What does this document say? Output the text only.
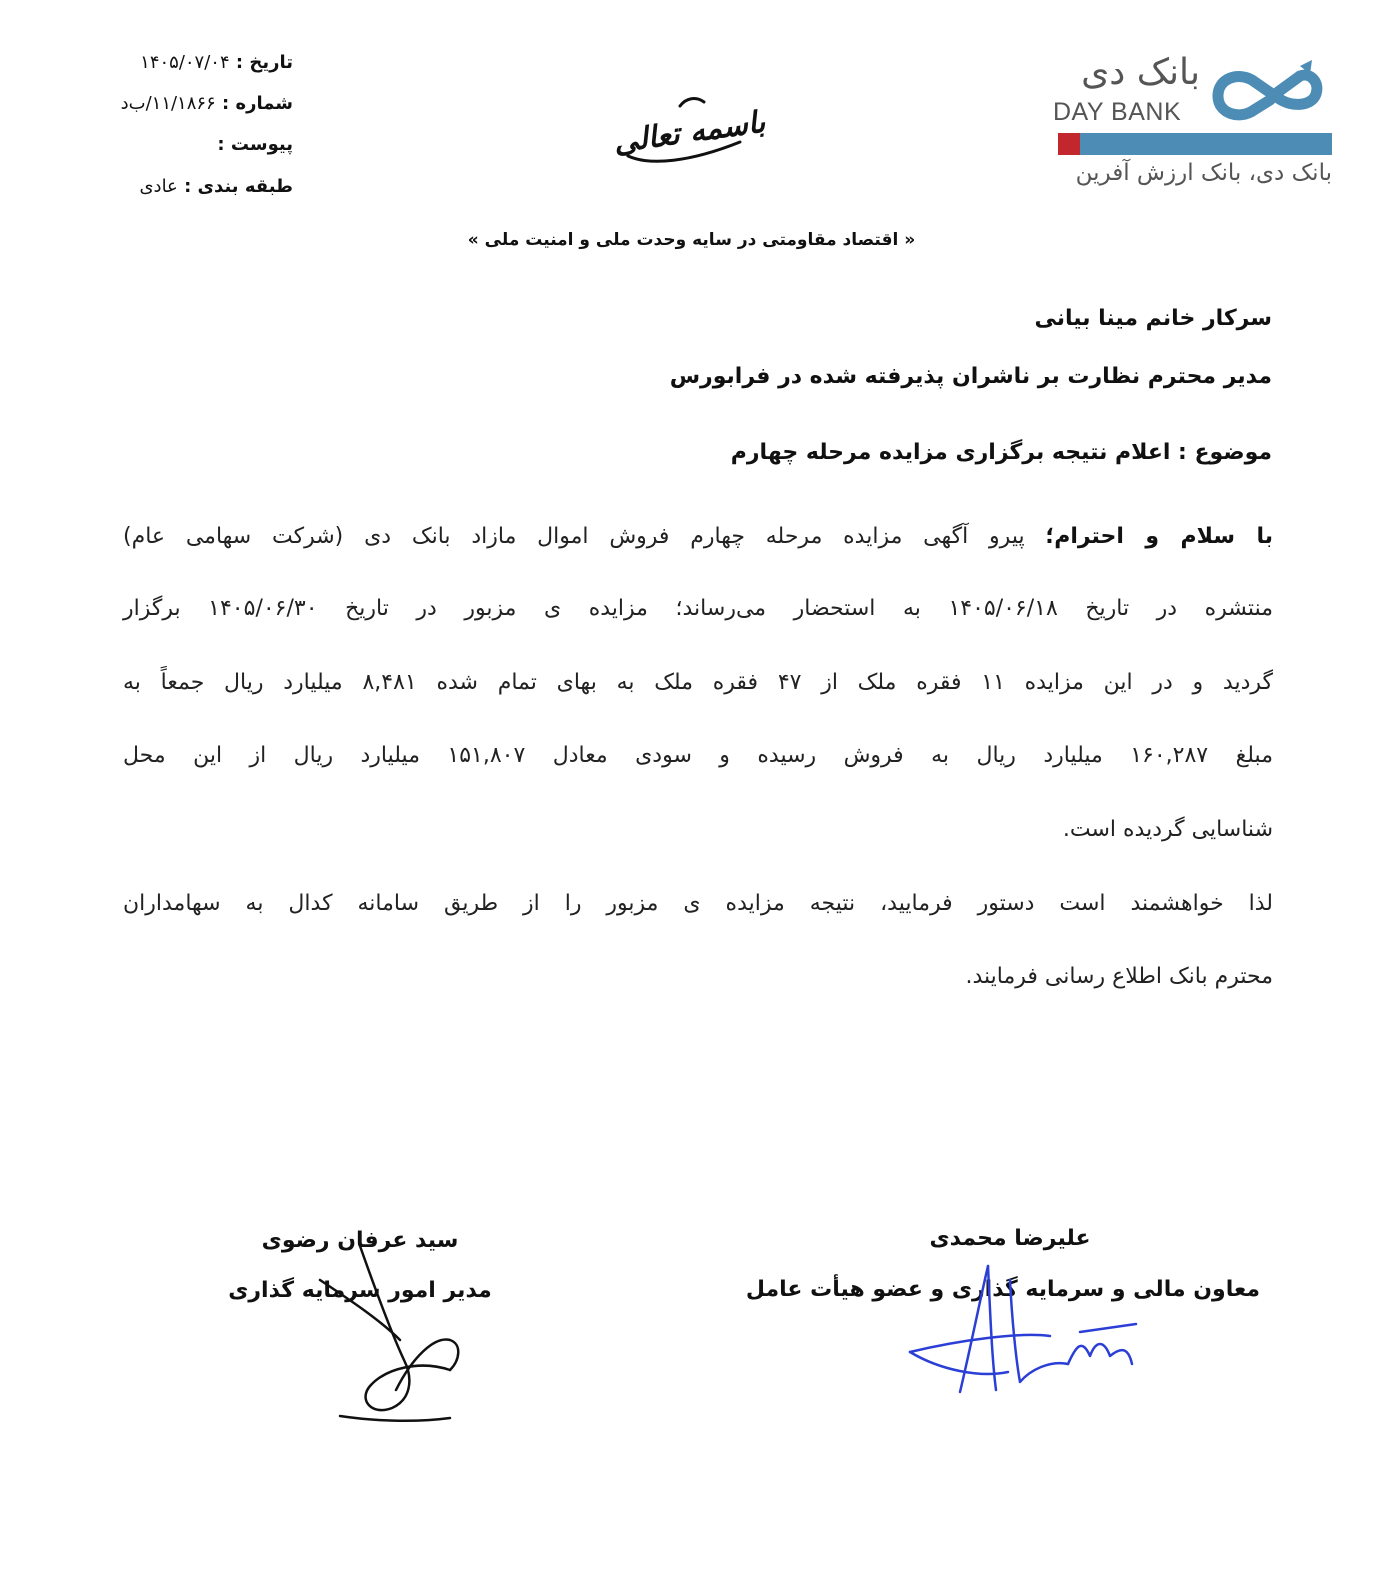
بانک دی
DAY BANK
بانک دی، بانک ارزش آفرین
باسمه تعالی
تاریخ : ۱۴۰۵/۰۷/۰۴
شماره : ۱۱/۱۸۶۶/ب‌د
پیوست :
طبقه بندی : عادی
« اقتصاد مقاومتی در سایه وحدت ملی و امنیت ملی »
سرکار خانم مینا بیانی
مدیر محترم نظارت بر ناشران پذیرفته شده در فرابورس
موضوع : اعلام نتیجه برگزاری مزایده مرحله چهارم
با سلام و احترام؛ پیرو آگهی مزایده مرحله چهارم فروش اموال مازاد بانک دی (شرکت سهامی عام)
منتشره در تاریخ ۱۴۰۵/۰۶/۱۸ به استحضار می‌رساند؛ مزایده ی مزبور در تاریخ ۱۴۰۵/۰۶/۳۰ برگزار
گردید و در این مزایده ۱۱ فقره ملک از ۴۷ فقره ملک به بهای تمام شده ۸,۴۸۱ میلیارد ریال جمعاً به
مبلغ ۱۶۰,۲۸۷ میلیارد ریال به فروش رسیده و سودی معادل ۱۵۱,۸۰۷ میلیارد ریال از این محل
شناسایی گردیده است.
لذا خواهشمند است دستور فرمایید، نتیجه مزایده ی مزبور را از طریق سامانه کدال به سهامداران
محترم بانک اطلاع رسانی فرمایند.
علیرضا محمدی
معاون مالی و سرمایه گذاری و عضو هیأت عامل
سید عرفان رضوی
مدیر امور سرمایه گذاری
